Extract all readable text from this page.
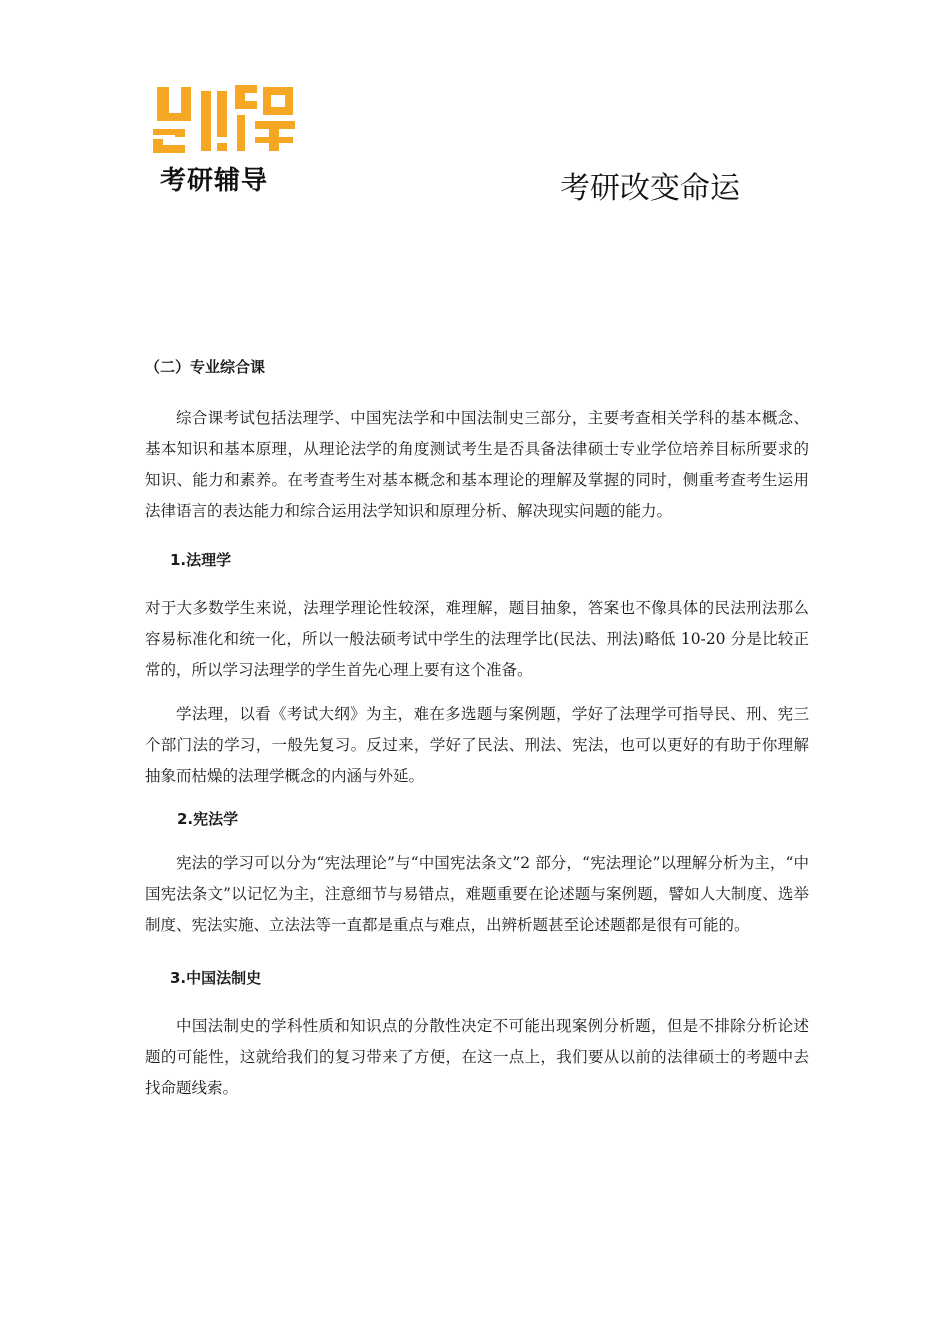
考研辅导	考研改变命运

（二）专业综合课

综合课考试包括法理学、中国宪法学和中国法制史三部分，主要考查相关学科的基本概念、基本知识和基本原理，从理论法学的角度测试考生是否具备法律硕士专业学位培养目标所要求的知识、能力和素养。在考查考生对基本概念和基本理论的理解及掌握的同时，侧重考查考生运用法律语言的表达能力和综合运用法学知识和原理分析、解决现实问题的能力。

1.法理学

对于大多数学生来说，法理学理论性较深，难理解，题目抽象，答案也不像具体的民法刑法那么容易标准化和统一化，所以一般法硕考试中学生的法理学比(民法、刑法)略低 10-20 分是比较正常的，所以学习法理学的学生首先心理上要有这个准备。

学法理，以看《考试大纲》为主，难在多选题与案例题，学好了法理学可指导民、刑、宪三个部门法的学习，一般先复习。反过来，学好了民法、刑法、宪法，也可以更好的有助于你理解抽象而枯燥的法理学概念的内涵与外延。

2.宪法学

宪法的学习可以分为“宪法理论”与“中国宪法条文”2 部分，“宪法理论”以理解分析为主，“中国宪法条文”以记忆为主，注意细节与易错点，难题重要在论述题与案例题，譬如人大制度、选举制度、宪法实施、立法法等一直都是重点与难点，出辨析题甚至论述题都是很有可能的。

3.中国法制史

中国法制史的学科性质和知识点的分散性决定不可能出现案例分析题，但是不排除分析论述题的可能性，这就给我们的复习带来了方便，在这一点上，我们要从以前的法律硕士的考题中去找命题线索。
